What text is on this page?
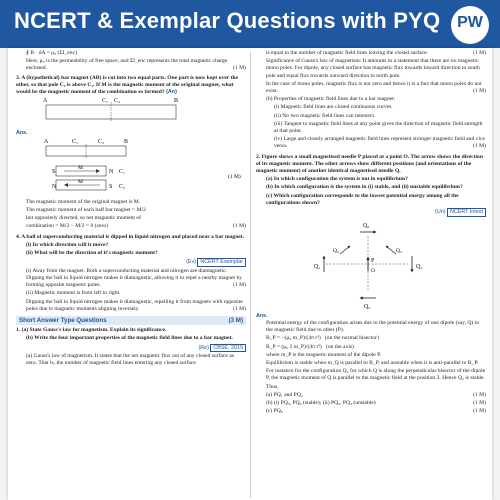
NCERT & Exemplar Questions with PYQ	PW
∮ B · dA = μ₀ (ΣI_enc)
Here, μ₀ is the permeability of free space, and ΣI_enc represents the total magnetic charge enclosed.	(1 M)
3. A (hypothetical) bar magnet (AB) is cut into two equal parts. One part is now kept over the other, so that pole C₂ is above C₁. If M is the magnetic moment of the original magnet, what would be the magnetic moment of the combination so formed? (An)
A	C₁ C₂	B
Ans.
A	C₁	C₂	B
S
M
N C₁
N
M
S C₂
(1 M)
The magnetic moment of the original magnet is M.
The magnetic moment of each half bar magnet = M/2
but oppositely directed, so net magnetic moment of
combination = M/2 − M/2 = 0 (zero)	(1 M)
4. A ball of superconducting material is dipped in liquid nitrogen and placed near a bar magnet.
(i) In which direction will it move?
(ii) What will be the direction of it's magnetic moment?
(Ev) NCERT Exemplar
(i) Away from the magnet. Both a superconducting material and nitrogen are diamagnetic. Dipping the ball in liquid nitrogen makes it diamagnetic, allowing it to repel a nearby magnet by forming opposite magnetic poles.	(1 M)
(ii) Magnetic moment is from left to right.
Dipping the ball in liquid nitrogen makes it diamagnetic, repelling it from magnets with opposite poles due to magnetic moments aligning inversely.	(1 M)
Short Answer Type Questions	(3 M)
1. (a) State Gauss's law for magnetism. Explain its significance.
(b) Write the four important properties of the magnetic field lines due to a bar magnet.
(Re) CBSE, 2019
(a) Gauss's law of magnetism. It states that the net magnetic flux out of any closed surface as zero. That is, the number of magnetic field lines entering any closed surface
is equal to the number of magnetic field lines leaving the closed surface.	(1 M)
Significance of Gauss's law of magnetism: It amounts to a statement that there are no magnetic mono poles. For dipole, any closed surface has magnetic flux towards inward direction to south pole and equal flux towards outward direction to north pole.
In the case of mono poles, magnetic flux is not zero and hence it is a fact that mono poles do not exist.	(1 M)
(b) Properties of magnetic field lines due to a bar magnet:
(i) Magnetic field lines are closed continuous curves.
(ii) No two magnetic field lines can intersect.
(iii) Tangent to magnetic field lines at any point gives the direction of magnetic field strength at that point.
(iv) Large and closely arranged magnetic field lines represent stronger magnetic field and vice versa.	(1 M)
2. Figure shows a small magnetised needle P placed at a point O. The arrow shows the direction of its magnetic moment. The other arrows show different positions (and orientations of the magnetic moment) of another identical magnetised needle Q.
(a) In which configuration the system is not in equilibrium?
(b) In which configuration is the system in (i) stable, and (ii) unstable equilibrium?
(c) Which configuration corresponds to the lowest potential energy among all the configurations shown?
(Un) NCERT Intext
Q₆
Q₁
P
O
Q₂
Q₃	Q₄
Q₅
Ans.
Potential energy of the configuration arises due to the potential energy of one dipole (say, Q) in the magnetic field due to other (P).
B_P = −(μ₀ m_P)/(4π r³) (on the normal bisector)
B_P = (μ₀ 2 m_P)/(4π r³) (on the axis)
where m_P is the magnetic moment of the dipole P.
Equilibrium is stable when m_Q is parallel to B_P, and unstable when it is anti-parallel to B_P.
For instance for the configuration Q₃ for which Q is along the perpendicular bisector of the dipole P, the magnetic moment of Q is parallel to the magnetic field at the position 3. Hence Q₃ is stable.
Thus,
(a) PQ₁ and PQ₂	(1 M)
(b) (i) PQ₃, PQ₆ (stable); (ii) PQ₅, PQ₄ (unstable)	(1 M)
(c) PQ₆	(1 M)
